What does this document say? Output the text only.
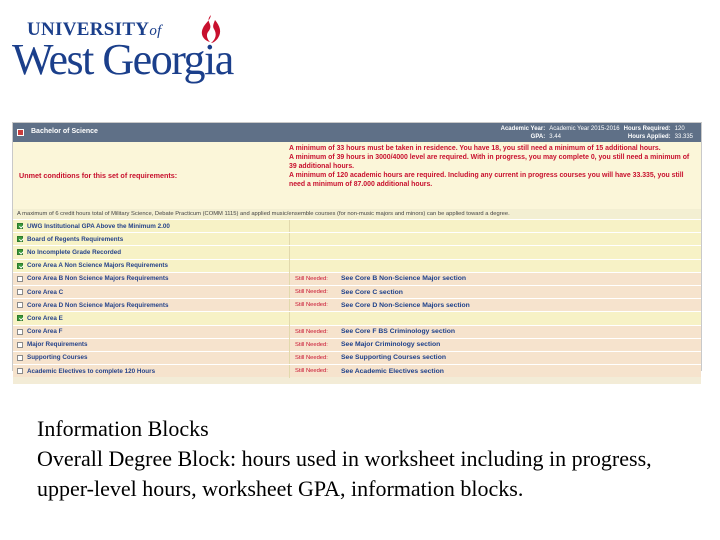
UNIVERSITYof
West Georgia
Bachelor of Science	Academic Year:	Academic Year 2015-2016	Hours Required:	120
GPA:	3.44	Hours Applied:	33.335
Unmet conditions for this set of requirements:
A minimum of 33 hours must be taken in residence. You have 18, you still need a minimum of 15 additional hours.
A minimum of 39 hours in 3000/4000 level are required. With in progress, you may complete 0, you still need a minimum of 39 additional hours.
A minimum of 120 academic hours are required. Including any current in progress courses you will have 33.335, you still need a minimum of 87.000 additional hours.
A maximum of 6 credit hours total of Military Science, Debate Practicum (COMM 1115) and applied music/ensemble courses (for non-music majors and minors) can be applied toward a degree.
UWG Institutional GPA Above the Minimum 2.00
Board of Regents Requirements
No Incomplete Grade Recorded
Core Area A Non Science Majors Requirements
Core Area B Non Science Majors Requirements	Still Needed:	See Core B Non-Science Major section
Core Area C	Still Needed:	See Core C section
Core Area D Non Science Majors Requirements	Still Needed:	See Core D Non-Science Majors section
Core Area E
Core Area F	Still Needed:	See Core F BS Criminology section
Major Requirements	Still Needed:	See Major Criminology section
Supporting Courses	Still Needed:	See Supporting Courses section
Academic Electives to complete 120 Hours	Still Needed:	See Academic Electives section
Information Blocks
Overall Degree Block: hours used in worksheet including in progress, upper-level hours, worksheet GPA, information blocks.
